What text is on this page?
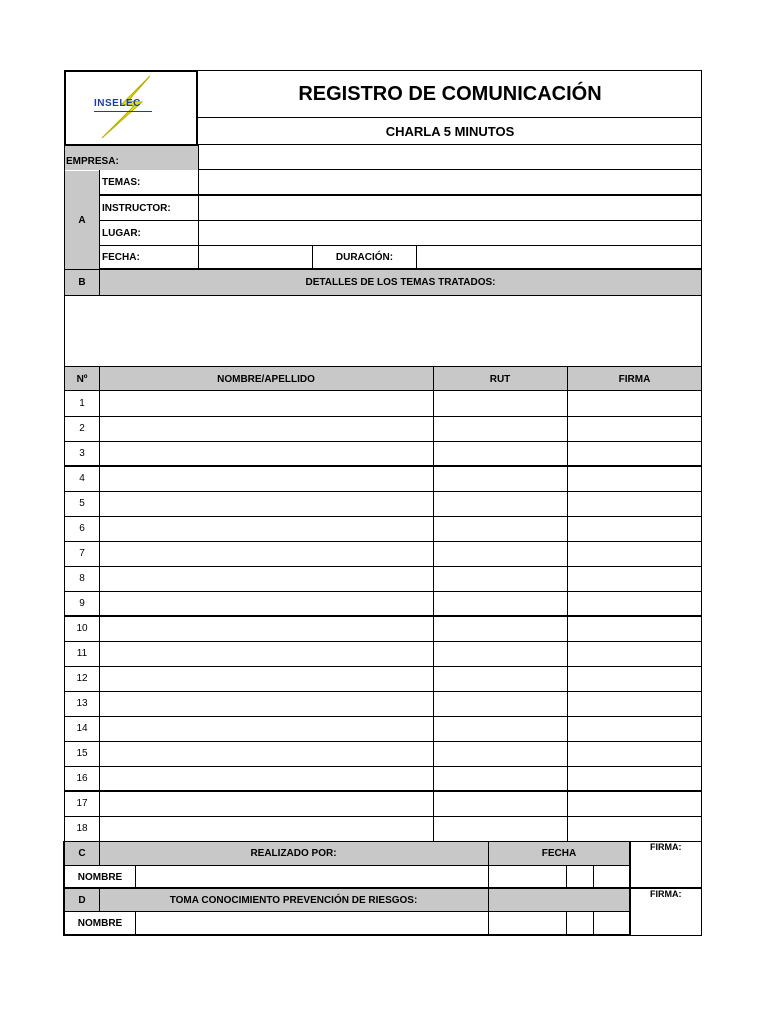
INSELEC	REGISTRO DE COMUNICACIÓN
CHARLA 5 MINUTOS
EMPRESA:
A
TEMAS:
INSTRUCTOR:
LUGAR:
FECHA:	DURACIÓN:
B	DETALLES DE LOS TEMAS TRATADOS:
Nº	NOMBRE/APELLIDO	RUT	FIRMA
1
2
3
4
5
6
7
8
9
10
11
12
13
14
15
16
17
18
C	REALIZADO POR:	FECHA
FIRMA:
NOMBRE
D	TOMA CONOCIMIENTO PREVENCIÓN DE RIESGOS:
FIRMA:
NOMBRE
